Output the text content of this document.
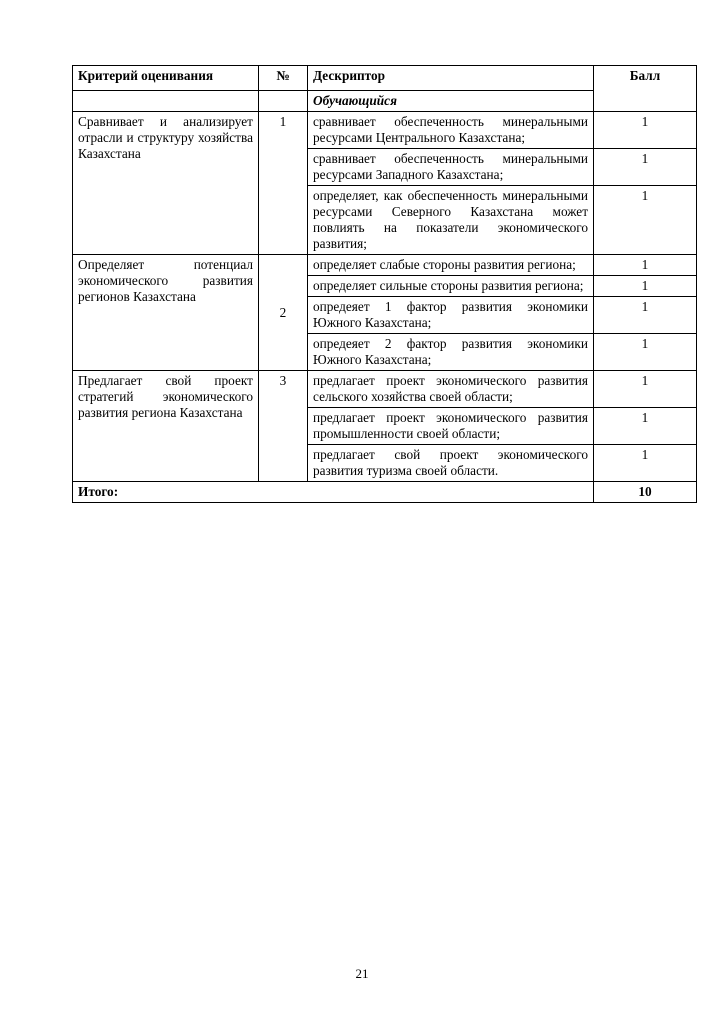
Критерий оценивания	№	Дескриптор	Балл
		Обучающийся	
Сравнивает и анализирует отрасли и структуру хозяйства Казахстана	1	сравнивает обеспеченность минеральными ресурсами Центрального Казахстана;	1
		сравнивает обеспеченность минеральными ресурсами Западного Казахстана;	1
		определяет, как обеспеченность минеральными ресурсами Северного Казахстана может повлиять на показатели экономического развития;	1
Определяет потенциал экономического развития регионов Казахстана	2	определяет слабые стороны развития региона;	1
		определяет сильные стороны развития региона;	1
		опредеяет 1 фактор развития экономики Южного Казахстана;	1
		опредеяет 2 фактор развития экономики Южного Казахстана;	1
Предлагает свой проект стратегий экономического развития региона Казахстана	3	предлагает проект экономического развития сельского хозяйства своей области;	1
		предлагает проект экономического развития промышленности своей области;	1
		предлагает свой проект экономического развития туризма своей области.	1
Итого:			10
21
